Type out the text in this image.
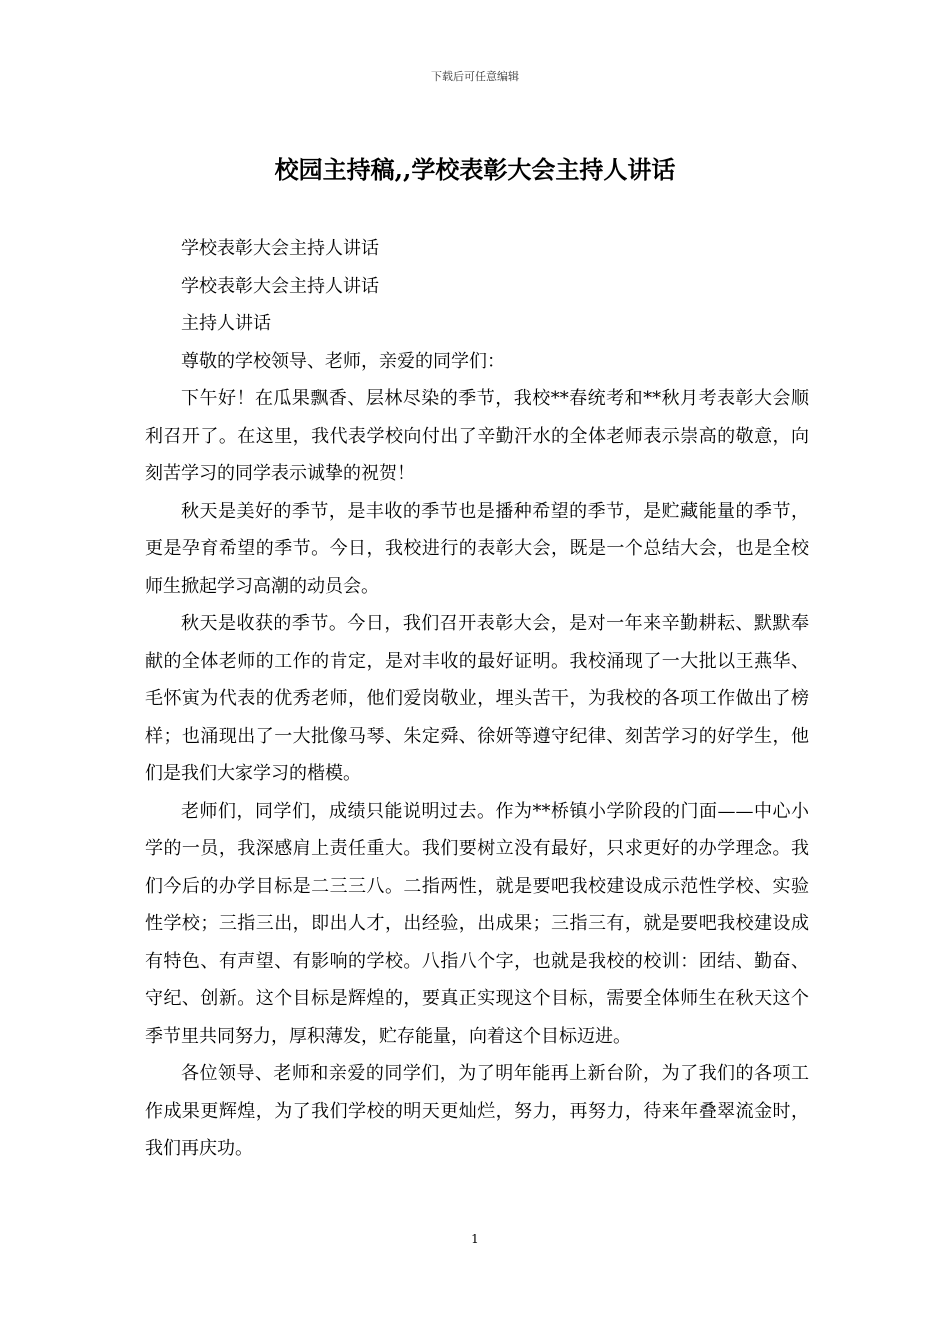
下载后可任意编辑
校园主持稿,,学校表彰大会主持人讲话

学校表彰大会主持人讲话

学校表彰大会主持人讲话

主持人讲话

尊敬的学校领导、老师，亲爱的同学们：

下午好！在瓜果飘香、层林尽染的季节，我校**春统考和**秋月考表彰大会顺利召开了。在这里，我代表学校向付出了辛勤汗水的全体老师表示崇高的敬意，向刻苦学习的同学表示诚挚的祝贺！

秋天是美好的季节，是丰收的季节也是播种希望的季节，是贮藏能量的季节，更是孕育希望的季节。今日，我校进行的表彰大会，既是一个总结大会，也是全校师生掀起学习高潮的动员会。

秋天是收获的季节。今日，我们召开表彰大会，是对一年来辛勤耕耘、默默奉献的全体老师的工作的肯定，是对丰收的最好证明。我校涌现了一大批以王燕华、毛怀寅为代表的优秀老师，他们爱岗敬业，埋头苦干，为我校的各项工作做出了榜样；也涌现出了一大批像马琴、朱定舜、徐妍等遵守纪律、刻苦学习的好学生，他们是我们大家学习的楷模。

老师们，同学们，成绩只能说明过去。作为**桥镇小学阶段的门面——中心小学的一员，我深感肩上责任重大。我们要树立没有最好，只求更好的办学理念。我们今后的办学目标是二三三八。二指两性，就是要吧我校建设成示范性学校、实验性学校；三指三出，即出人才，出经验，出成果；三指三有，就是要吧我校建设成有特色、有声望、有影响的学校。八指八个字，也就是我校的校训：团结、勤奋、守纪、创新。这个目标是辉煌的，要真正实现这个目标，需要全体师生在秋天这个季节里共同努力，厚积薄发，贮存能量，向着这个目标迈进。

各位领导、老师和亲爱的同学们，为了明年能再上新台阶，为了我们的各项工作成果更辉煌，为了我们学校的明天更灿烂，努力，再努力，待来年叠翠流金时，我们再庆功。

1
